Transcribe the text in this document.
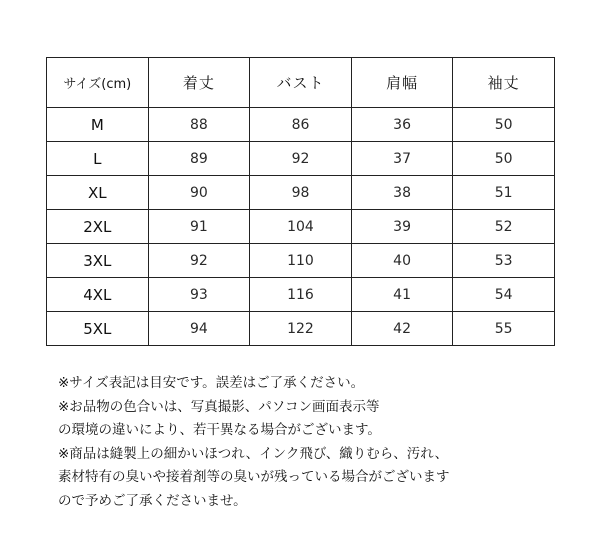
サイズ(cm)	着丈	バスト	肩幅	袖丈
M	88	86	36	50
L	89	92	37	50
XL	90	98	38	51
2XL	91	104	39	52
3XL	92	110	40	53
4XL	93	116	41	54
5XL	94	122	42	55
※サイズ表記は目安です。誤差はご了承ください。
※お品物の色合いは、写真撮影、パソコン画面表示等
の環境の違いにより、若干異なる場合がございます。
※商品は縫製上の細かいほつれ、インク飛び、織りむら、汚れ、
素材特有の臭いや接着剤等の臭いが残っている場合がございます
ので予めご了承くださいませ。
